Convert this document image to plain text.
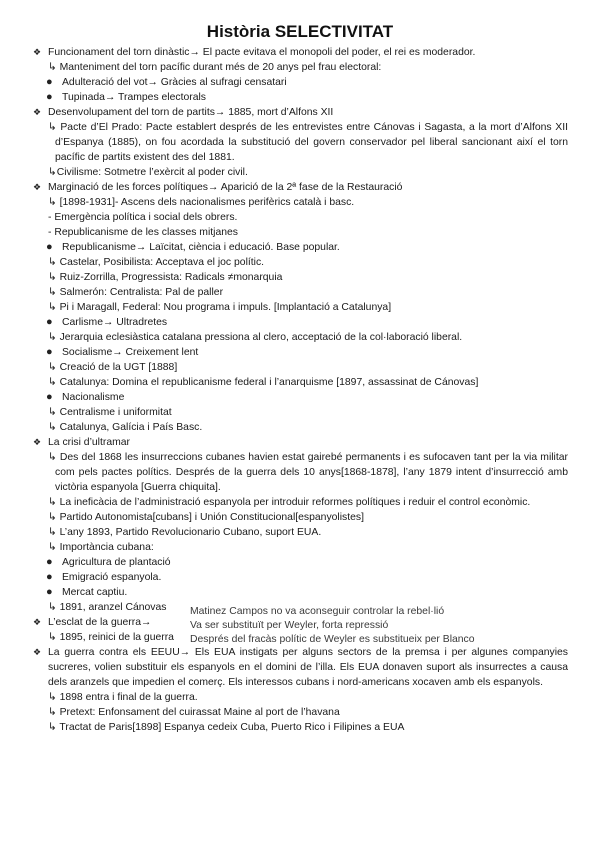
Història SELECTIVITAT
❖ Funcionament del torn dinàstic→ El pacte evitava el monopoli del poder, el rei es moderador.
↳ Manteniment del torn pacífic durant més de 20 anys pel frau electoral:
● Adulteració del vot→ Gràcies al sufragi censatari
● Tupinada→ Trampes electorals
❖ Desenvolupament del torn de partits→ 1885, mort d’Alfons XII
↳ Pacte d’El Prado: Pacte establert després de les entrevistes entre Cánovas i Sagasta, a la mort d’Alfons XII d’Espanya (1885), on fou acordada la substitució del govern conservador pel liberal sancionant així el torn pacífic de partits existent des del 1881.
↳Civilisme: Sotmetre l’exèrcit al poder civil.
❖ Marginació de les forces polítiques→ Aparició de la 2ª fase de la Restauració
↳ [1898-1931]- Ascens dels nacionalismes perifèrics català i basc.
- Emergència política i social dels obrers.
- Republicanisme de les classes mitjanes
● Republicanisme→ Laïcitat, ciència i educació. Base popular.
↳ Castelar, Posibilista: Acceptava el joc polític.
↳ Ruiz-Zorrilla, Progressista: Radicals ≠monarquia
↳ Salmerón: Centralista: Pal de paller
↳ Pi i Maragall, Federal: Nou programa i impuls. [Implantació a Catalunya]
● Carlisme→ Ultradretes
↳ Jerarquia eclesiàstica catalana pressiona al clero, acceptació de la col·laboració liberal.
● Socialisme→ Creixement lent
↳ Creació de la UGT [1888]
↳ Catalunya: Domina el republicanisme federal i l’anarquisme [1897, assassinat de Cánovas]
● Nacionalisme
↳ Centralisme i uniformitat
↳ Catalunya, Galícia i País Basc.
❖ La crisi d’ultramar
↳ Des del 1868 les insurreccions cubanes havien estat gairebé permanents i es sufocaven tant per la via militar com pels pactes polítics. Després de la guerra dels 10 anys[1868-1878], l’any 1879 intent d’insurrecció amb victòria espanyola [Guerra chiquita].
↳ La ineficàcia de l’administració espanyola per introduir reformes polítiques i reduir el control econòmic.
↳ Partido Autonomista[cubans] i Unión Constitucional[espanyolistes]
↳ L’any 1893, Partido Revolucionario Cubano, suport EUA.
↳ Importància cubana:
● Agricultura de plantació
● Emigració espanyola.
● Mercat captiu.
↳ 1891, aranzel Cánovas
❖ L’esclat de la guerra→
↳ 1895, reinici de la guerra
❖ La guerra contra els EEUU→ Els EUA instigats per alguns sectors de la premsa i per algunes companyies sucreres, volien substituir els espanyols en el domini de l’illa. Els EUA donaven suport als insurrectes a causa dels aranzels que impedien el comerç. Els interessos cubans i nord-americans xocaven amb els espanyols.
↳ 1898 entra i final de la guerra.
↳ Pretext: Enfonsament del cuirassat Maine al port de l’havana
↳ Tractat de Paris[1898] Espanya cedeix Cuba, Puerto Rico i Filipines a EUA
Matinez Campos no va aconseguir controlar la rebel·lió
Va ser substituït per Weyler, forta repressió
Després del fracàs polític de Weyler es substitueix per Blanco
